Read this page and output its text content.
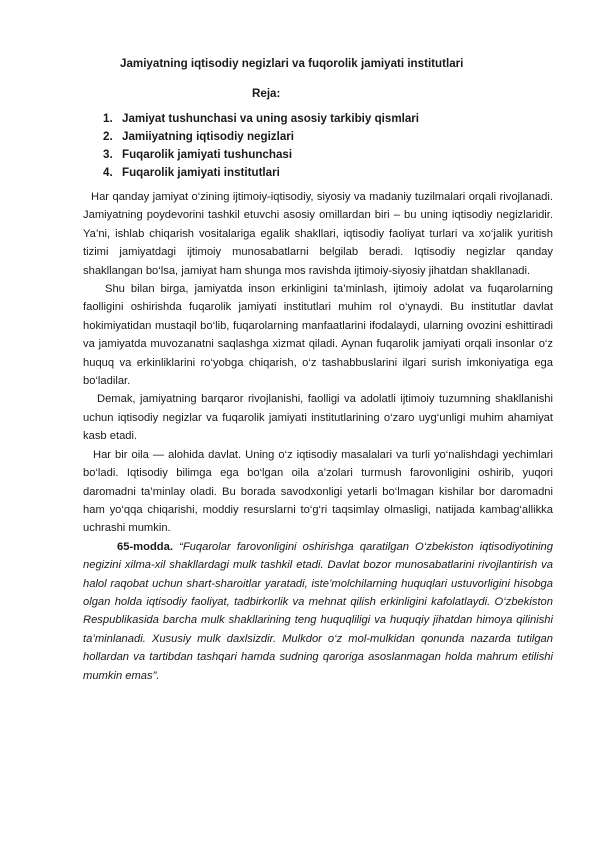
Jamiyatning iqtisodiy negizlari va fuqorolik jamiyati institutlari
Reja:
1. Jamiyat tushunchasi va uning asosiy tarkibiy qismlari
2. Jamiiyatning iqtisodiy negizlari
3. Fuqarolik jamiyati tushunchasi
4. Fuqarolik jamiyati institutlari

Har qanday jamiyat o‘zining ijtimoiy-iqtisodiy, siyosiy va madaniy tuzilmalari orqali rivojlanadi. Jamiyatning poydevorini tashkil etuvchi asosiy omillardan biri – bu uning iqtisodiy negizlaridir. Ya’ni, ishlab chiqarish vositalariga egalik shakllari, iqtisodiy faoliyat turlari va xo‘jalik yuritish tizimi jamiyatdagi ijtimoiy munosabatlarni belgilab beradi. Iqtisodiy negizlar qanday shakllangan bo‘lsa, jamiyat ham shunga mos ravishda ijtimoiy-siyosiy jihatdan shakllanadi.

Shu bilan birga, jamiyatda inson erkinligini ta’minlash, ijtimoiy adolat va fuqarolarning faolligini oshirishda fuqarolik jamiyati institutlari muhim rol o‘ynaydi. Bu institutlar davlat hokimiyatidan mustaqil bo‘lib, fuqarolarning manfaatlarini ifodalaydi, ularning ovozini eshittiradi va jamiyatda muvozanatni saqlashga xizmat qiladi. Aynan fuqarolik jamiyati orqali insonlar o‘z huquq va erkinliklarini ro‘yobga chiqarish, o‘z tashabbuslarini ilgari surish imkoniyatiga ega bo‘ladilar.

Demak, jamiyatning barqaror rivojlanishi, faolligi va adolatli ijtimoiy tuzumning shakllanishi uchun iqtisodiy negizlar va fuqarolik jamiyati institutlarining o‘zaro uyg‘unligi muhim ahamiyat kasb etadi.

Har bir oila — alohida davlat. Uning o‘z iqtisodiy masalalari va turli yo‘nalishdagi yechimlari bo‘ladi. Iqtisodiy bilimga ega bo‘lgan oila a’zolari turmush farovonligini oshirib, yuqori daromadni ta’minlay oladi. Bu borada savodxonligi yetarli bo‘lmagan kishilar bor daromadni ham yo‘qqa chiqarishi, moddiy resurslarni to‘g‘ri taqsimlay olmasligi, natijada kambag‘allikka uchrashi mumkin.

65-modda. “Fuqarolar farovonligini oshirishga qaratilgan O‘zbekiston iqtisodiyotining negizini xilma-xil shakllardagi mulk tashkil etadi. Davlat bozor munosabatlarini rivojlantirish va halol raqobat uchun shart-sharoitlar yaratadi, iste’molchilarning huquqlari ustuvorligini hisobga olgan holda iqtisodiy faoliyat, tadbirkorlik va mehnat qilish erkinligini kafolatlaydi. O‘zbekiston Respublikasida barcha mulk shakllarining teng huquqliligi va huquqiy jihatdan himoya qilinishi ta’minlanadi. Xususiy mulk daxlsizdir. Mulkdor o‘z mol-mulkidan qonunda nazarda tutilgan hollardan va tartibdan tashqari hamda sudning qaroriga asoslanmagan holda mahrum etilishi mumkin emas”.
